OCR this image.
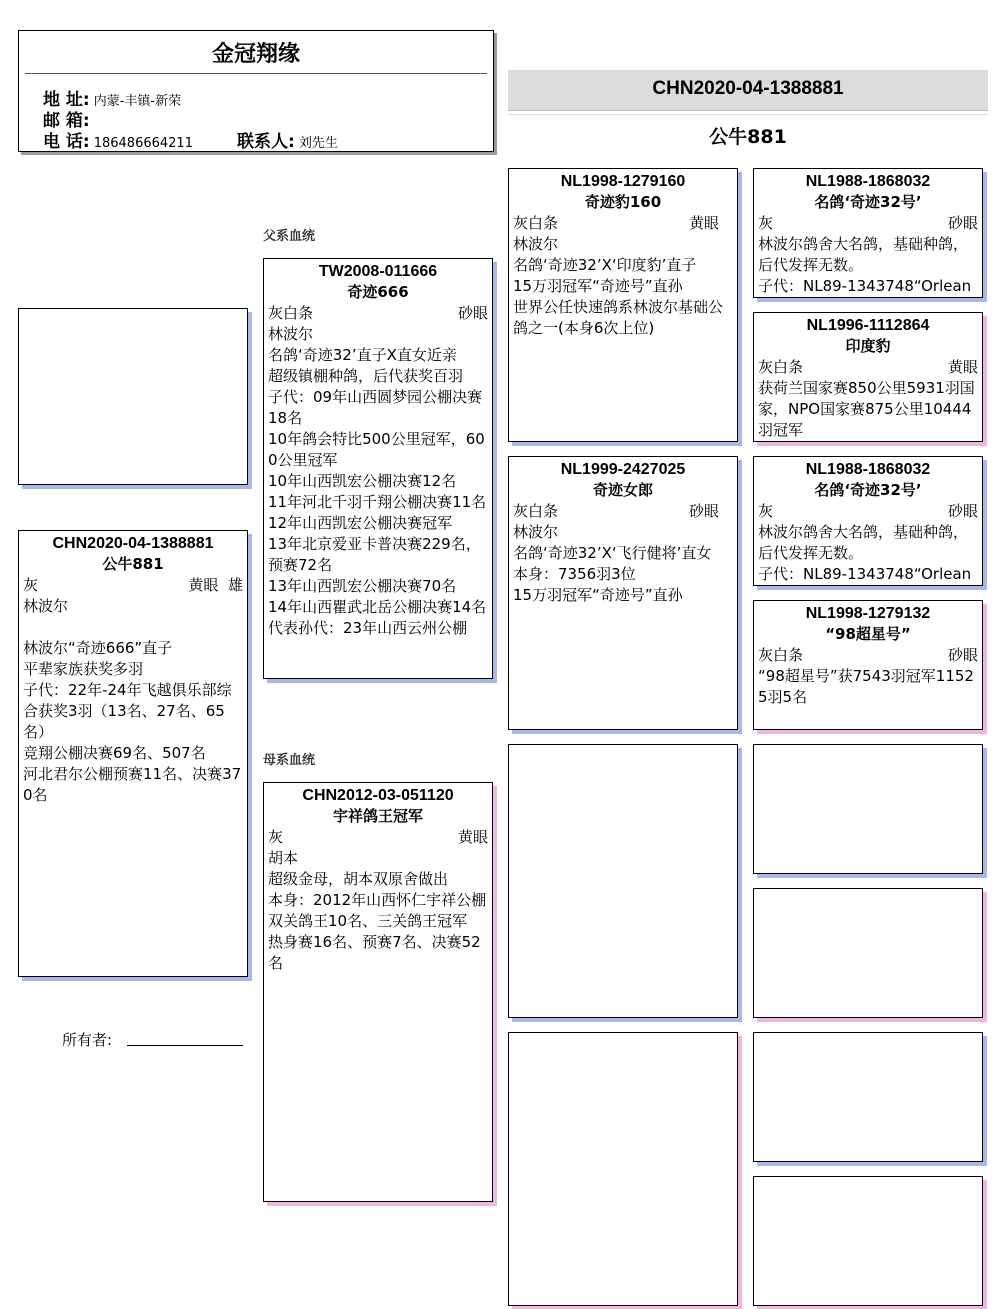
金冠翔缘
地 址: 内蒙-丰镇-新荣
邮 箱:
电 话: 186486664211	联系人: 刘先生
CHN2020-04-1388881
公牛881
父系血统
母系血统
CHN2020-04-1388881
公牛881
灰	黄眼 雄
林波尔

林波尔“奇迹666”直子
平辈家族获奖多羽
子代：22年-24年飞越俱乐部综合获奖3羽（13名、27名、65名）
竞翔公棚决赛69名、507名
河北君尔公棚预赛11名、决赛370名
所有者:
TW2008-011666
奇迹666
灰白条	砂眼
林波尔
名鸽‘奇迹32’直子X直女近亲
超级镇棚种鸽，后代获奖百羽
子代：09年山西圆梦园公棚决赛18名
10年鸽会特比500公里冠军，600公里冠军
10年山西凯宏公棚决赛12名
11年河北千羽千翔公棚决赛11名
12年山西凯宏公棚决赛冠军
13年北京爱亚卡普决赛229名，预赛72名
13年山西凯宏公棚决赛70名
14年山西瞿武北岳公棚决赛14名
代表孙代：23年山西云州公棚
CHN2012-03-051120
宇祥鸽王冠军
灰	黄眼
胡本
超级金母，胡本双原舍做出
本身：2012年山西怀仁宇祥公棚双关鸽王10名、三关鸽王冠军
热身赛16名、预赛7名、决赛52名
NL1998-1279160
奇迹豹160
灰白条	黄眼
林波尔
名鸽‘奇迹32’X‘印度豹’直子
15万羽冠军“奇迹号”直孙
世界公任快速鸽系林波尔基础公鸽之一(本身6次上位)
NL1999-2427025
奇迹女郎
灰白条	砂眼
林波尔
名鸽‘奇迹32’X‘飞行健将’直女
本身：7356羽3位
15万羽冠军“奇迹号”直孙
NL1988-1868032
名鸽‘奇迹32号’
灰	砂眼
林波尔鸽舍大名鸽，基础种鸽，后代发挥无数。
子代：NL89-1343748“Orlean
NL1996-1112864
印度豹
灰白条	黄眼
获荷兰国家赛850公里5931羽国家，NPO国家赛875公里10444羽冠军
NL1988-1868032
名鸽‘奇迹32号’
灰	砂眼
林波尔鸽舍大名鸽，基础种鸽，后代发挥无数。
子代：NL89-1343748“Orlean
NL1998-1279132
“98超星号”
灰白条	砂眼
“98超星号”获7543羽冠军11525羽5名
